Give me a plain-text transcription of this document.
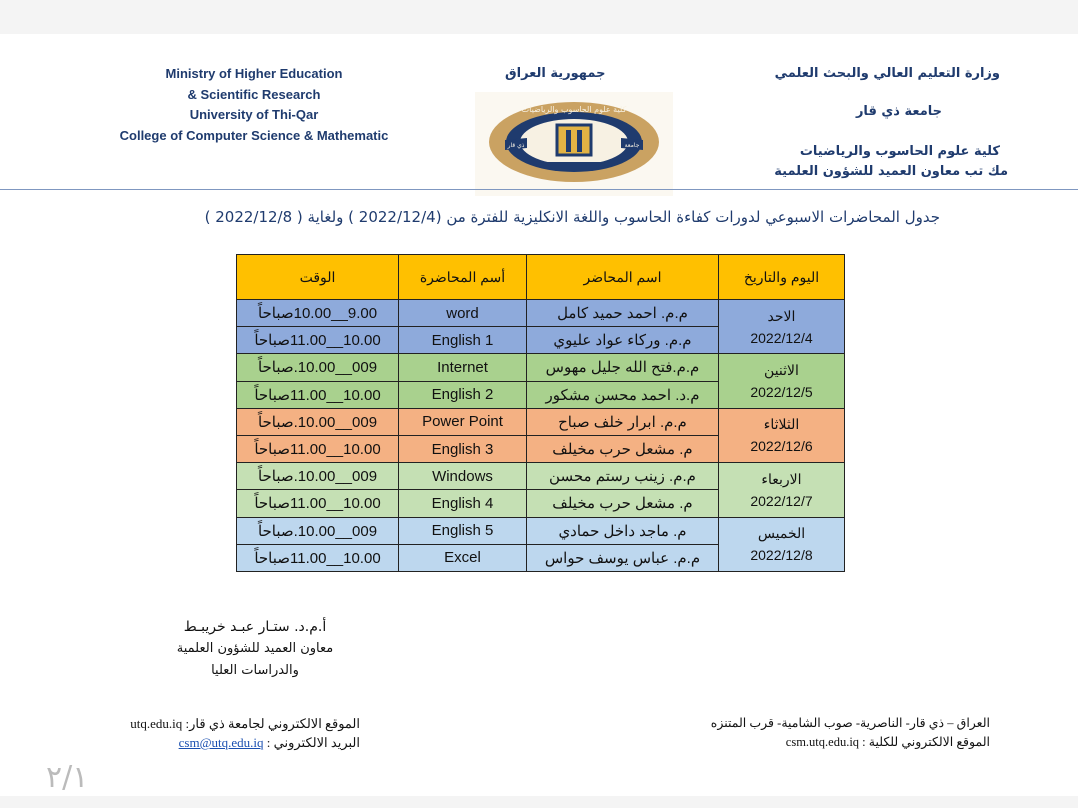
Ministry of Higher Education
& Scientific Research
University of Thi-Qar
College of Computer Science & Mathematic
جمهورية العراق
ذي قار	جامعة
كلية علوم الحاسوب والرياضيات
وزارة التعليم العالي والبحث العلمي
جامعة ذي قار
كلية علوم الحاسوب والرياضيات
مك تب معاون العميد للشؤون العلمية
جدول المحاضرات الاسبوعي لدورات كفاءة الحاسوب واللغة الانكليزية للفترة من (2022/12/4 ) ولغاية ( 2022/12/8 )
اليوم والتاريخ	اسم المحاضر	أسم المحاضرة	الوقت

الاحد
2022/12/4	م.م. احمد حميد كامل	word	9.00__10.00صباحاً
	م.م. وركاء عواد عليوي	English 1	10.00__11.00صباحاً

الاثنين
2022/12/5	م.م.فتح الله جليل مهوس	Internet	009__10.00.صباحاً
	م.د. احمد محسن مشكور	English 2	10.00__11.00صباحاً

الثلاثاء
2022/12/6	م.م. ابرار خلف صباح	Power Point	009__10.00.صباحاً
	م. مشعل حرب مخيلف	English 3	10.00__11.00صباحاً

الاربعاء
2022/12/7	م.م. زينب رستم محسن	Windows	009__10.00.صباحاً
	م. مشعل حرب مخيلف	English 4	10.00__11.00صباحاً

الخميس
2022/12/8	م. ماجد داخل حمادي	English 5	009__10.00.صباحاً
	م.م. عباس يوسف حواس	Excel	10.00__11.00صباحاً
أ.م.د. ستـار عبـد خريبـط
معاون العميد للشؤون العلمية
والدراسات العليا
الموقع الالكتروني لجامعة ذي قار: utq.edu.iq
البريد الالكتروني : csm@utq.edu.iq
العراق – ذي قار- الناصرية- صوب الشامية- قرب المتنزه
الموقع الالكتروني للكلية : csm.utq.edu.iq
٢/١
